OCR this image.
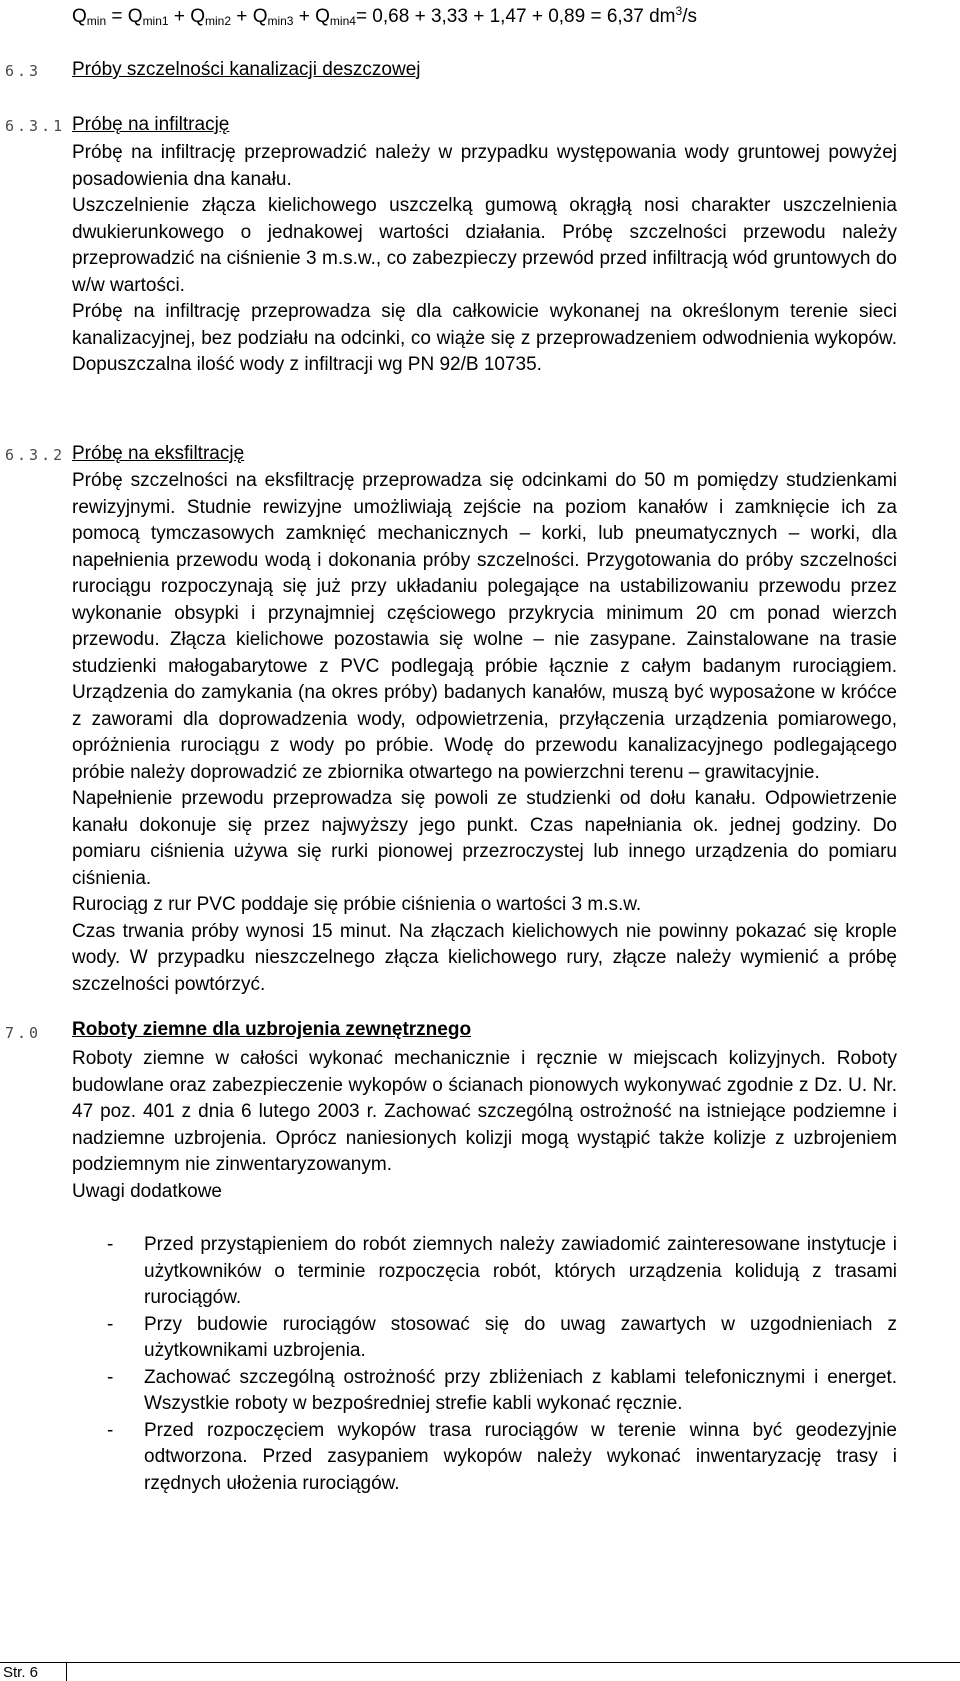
$Q_{min} = Q_{min1} + Q_{min2} + Q_{min3} + Q_{min4}= 0,68 + 3,33 + 1,47 + 0,89 = 6,37$ $dm^3/s$
6.3 Próby szczelności kanalizacji deszczowej
6.3.1 Próbę na infiltrację

Próbę na infiltrację przeprowadzić należy w przypadku występowania wody gruntowej powyżej posadowienia dna kanału.

Uszczelnienie złącza kielichowego uszczelką gumową okrągłą nosi charakter uszczelnienia dwukierunkowego o jednakowej wartości działania. Próbę szczelności przewodu należy przeprowadzić na ciśnienie 3 m.s.w., co zabezpieczy przewód przed infiltracją wód gruntowych do w/w wartości.

Próbę na infiltrację przeprowadza się dla całkowicie wykonanej na określonym terenie sieci kanalizacyjnej, bez podziału na odcinki, co wiąże się z przeprowadzeniem odwodnienia wykopów. Dopuszczalna ilość wody z infiltracji wg PN 92/B 10735.

6.3.2 Próbę na eksfiltrację

Próbę szczelności na eksfiltrację przeprowadza się odcinkami do 50 m pomiędzy studzienkami rewizyjnymi. Studnie rewizyjne umożliwiają zejście na poziom kanałów i zamknięcie ich za pomocą tymczasowych zamknięć mechanicznych – korki, lub pneumatycznych – worki, dla napełnienia przewodu wodą i dokonania próby szczelności. Przygotowania do próby szczelności rurociągu rozpoczynają się już przy układaniu polegające na ustabilizowaniu przewodu przez wykonanie obsypki i przynajmniej częściowego przykrycia minimum 20 cm ponad wierzch przewodu. Złącza kielichowe pozostawia się wolne – nie zasypane. Zainstalowane na trasie studzienki małogabarytowe z PVC podlegają próbie łącznie z całym badanym rurociągiem. Urządzenia do zamykania (na okres próby) badanych kanałów, muszą być wyposażone w króćce z zaworami dla doprowadzenia wody, odpowietrzenia, przyłączenia urządzenia pomiarowego, opróżnienia rurociągu z wody po próbie. Wodę do przewodu kanalizacyjnego podlegającego próbie należy doprowadzić ze zbiornika otwartego na powierzchni terenu – grawitacyjnie.

Napełnienie przewodu przeprowadza się powoli ze studzienki od dołu kanału. Odpowietrzenie kanału dokonuje się przez najwyższy jego punkt. Czas napełniania ok. jednej godziny. Do pomiaru ciśnienia używa się rurki pionowej przezroczystej lub innego urządzenia do pomiaru ciśnienia.

Rurociąg z rur PVC poddaje się próbie ciśnienia o wartości 3 m.s.w.

Czas trwania próby wynosi 15 minut. Na złączach kielichowych nie powinny pokazać się krople wody. W przypadku nieszczelnego złącza kielichowego rury, złącze należy wymienić a próbę szczelności powtórzyć.

7.0 Roboty ziemne dla uzbrojenia zewnętrznego

Roboty ziemne w całości wykonać mechanicznie i ręcznie w miejscach kolizyjnych. Roboty budowlane oraz zabezpieczenie wykopów o ścianach pionowych wykonywać zgodnie z Dz. U. Nr. 47 poz. 401 z dnia 6 lutego 2003 r. Zachować szczególną ostrożność na istniejące podziemne i nadziemne uzbrojenia. Oprócz naniesionych kolizji mogą wystąpić także kolizje z uzbrojeniem podziemnym nie zinwentaryzowanym.

Uwagi dodatkowe

- Przed przystąpieniem do robót ziemnych należy zawiadomić zainteresowane instytucje i użytkowników o terminie rozpoczęcia robót, których urządzenia kolidują z trasami rurociągów.
- Przy budowie rurociągów stosować się do uwag zawartych w uzgodnieniach z użytkownikami uzbrojenia.
- Zachować szczególną ostrożność przy zbliżeniach z kablami telefonicznymi i energet. Wszystkie roboty w bezpośredniej strefie kabli wykonać ręcznie.
- Przed rozpoczęciem wykopów trasa rurociągów w terenie winna być geodezyjnie odtworzona. Przed zasypaniem wykopów należy wykonać inwentaryzację trasy i rzędnych ułożenia rurociągów.
Str. 6
